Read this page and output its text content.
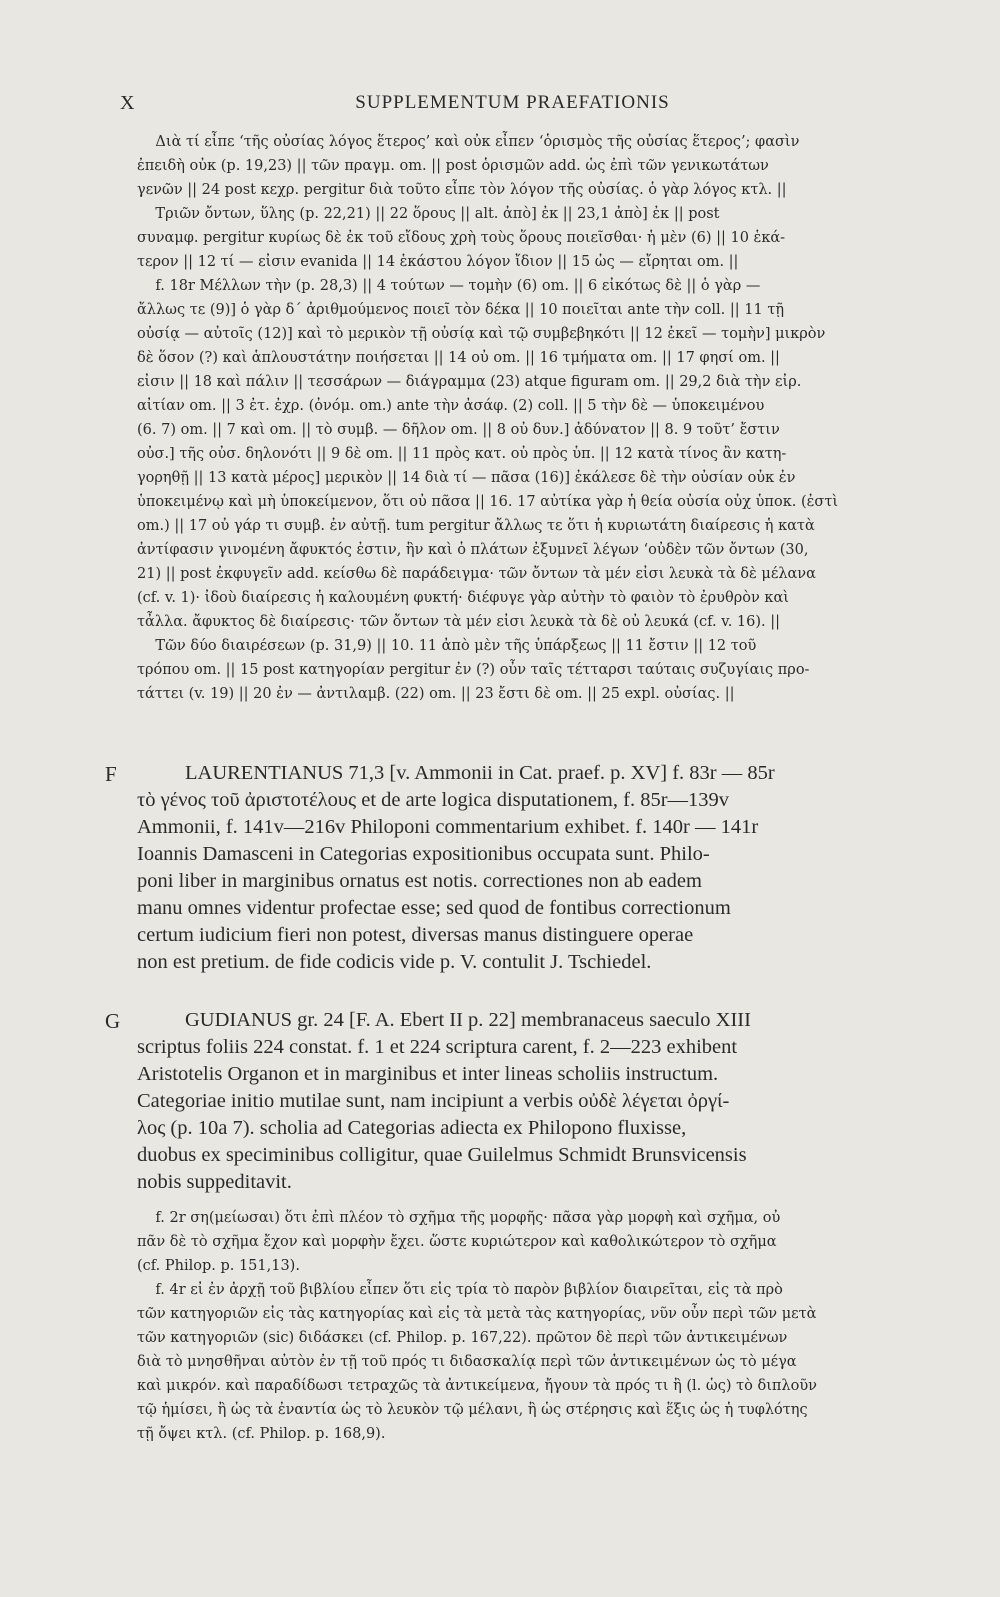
X	SUPPLEMENTUM PRAEFATIONIS
Διὰ τί εἶπε ‘τῆς οὐσίας λόγος ἕτερος’ καὶ οὐκ εἶπεν ‘ὁρισμὸς τῆς οὐσίας ἕτερος’; φασὶν
ἐπειδὴ οὐκ (p. 19,23) || τῶν πραγμ. om. || post ὁρισμῶν add. ὡς ἐπὶ τῶν γενικωτάτων
γενῶν || 24 post κεχρ. pergitur διὰ τοῦτο εἶπε τὸν λόγον τῆς οὐσίας. ὁ γὰρ λόγος κτλ. ||
Τριῶν ὄντων, ὕλης (p. 22,21) || 22 ὅρους || alt. ἀπὸ] ἐκ || 23,1 ἀπὸ] ἐκ || post
συναμφ. pergitur κυρίως δὲ ἐκ τοῦ εἴδους χρὴ τοὺς ὅρους ποιεῖσθαι· ἡ μὲν (6) || 10 ἑκά-
τερον || 12 τί — εἰσιν evanida || 14 ἑκάστου λόγον ἴδιον || 15 ὡς — εἴρηται om. ||
f. 18r Μέλλων τὴν (p. 28,3) || 4 τούτων — τομὴν (6) om. || 6 εἰκότως δὲ || ὁ γὰρ —
ἄλλως τε (9)] ὁ γὰρ δ΄ ἀριθμούμενος ποιεῖ τὸν δέκα || 10 ποιεῖται ante τὴν coll. || 11 τῇ
οὐσίᾳ — αὐτοῖς (12)] καὶ τὸ μερικὸν τῇ οὐσίᾳ καὶ τῷ συμβεβηκότι || 12 ἐκεῖ — τομὴν] μικρὸν
δὲ ὅσον (?) καὶ ἁπλουστάτην ποιήσεται || 14 οὐ om. || 16 τμήματα om. || 17 φησί om. ||
εἰσιν || 18 καὶ πάλιν || τεσσάρων — διάγραμμα (23) atque figuram om. || 29,2 διὰ τὴν εἰρ.
αἰτίαν om. || 3 ἐτ. ἐχρ. (ὀνόμ. om.) ante τὴν ἀσάφ. (2) coll. || 5 τὴν δὲ — ὑποκειμένου
(6. 7) om. || 7 καὶ om. || τὸ συμβ. — δῆλον om. || 8 οὐ δυν.] ἀδύνατον || 8. 9 τοῦτ’ ἔστιν
οὐσ.] τῆς οὐσ. δηλονότι || 9 δὲ om. || 11 πρὸς κατ. οὐ πρὸς ὑπ. || 12 κατὰ τίνος ἂν κατη-
γορηθῇ || 13 κατὰ μέρος] μερικὸν || 14 διὰ τί — πᾶσα (16)] ἐκάλεσε δὲ τὴν οὐσίαν οὐκ ἐν
ὑποκειμένῳ καὶ μὴ ὑποκείμενον, ὅτι οὐ πᾶσα || 16. 17 αὐτίκα γὰρ ἡ θεία οὐσία οὐχ ὑποκ. (ἐστὶ
om.) || 17 οὐ γάρ τι συμβ. ἐν αὐτῇ. tum pergitur ἄλλως τε ὅτι ἡ κυριωτάτη διαίρεσις ἡ κατὰ
ἀντίφασιν γινομένη ἄφυκτός ἐστιν, ἣν καὶ ὁ πλάτων ἐξυμνεῖ λέγων ‘οὐδὲν τῶν ὄντων (30,
21) || post ἐκφυγεῖν add. κείσθω δὲ παράδειγμα· τῶν ὄντων τὰ μέν εἰσι λευκὰ τὰ δὲ μέλανα
(cf. v. 1)· ἰδοὺ διαίρεσις ἡ καλουμένη φυκτή· διέφυγε γὰρ αὐτὴν τὸ φαιὸν τὸ ἐρυθρὸν καὶ
τἆλλα. ἄφυκτος δὲ διαίρεσις· τῶν ὄντων τὰ μέν εἰσι λευκὰ τὰ δὲ οὐ λευκά (cf. v. 16). ||
Τῶν δύο διαιρέσεων (p. 31,9) || 10. 11 ἀπὸ μὲν τῆς ὑπάρξεως || 11 ἔστιν || 12 τοῦ
τρόπου om. || 15 post κατηγορίαν pergitur ἐν (?) οὖν ταῖς τέτταρσι ταύταις συζυγίαις προ-
τάττει (v. 19) || 20 ἐν — ἀντιλαμβ. (22) om. || 23 ἔστι δὲ om. || 25 expl. οὐσίας. ||
F	LAURENTIANUS 71,3 [v. Ammonii in Cat. praef. p. XV] f. 83r — 85r
τὸ γένος τοῦ ἀριστοτέλους et de arte logica disputationem, f. 85r—139v
Ammonii, f. 141v—216v Philoponi commentarium exhibet. f. 140r — 141r
Ioannis Damasceni in Categorias expositionibus occupata sunt. Philo-
poni liber in marginibus ornatus est notis. correctiones non ab eadem
manu omnes videntur profectae esse; sed quod de fontibus correctionum
certum iudicium fieri non potest, diversas manus distinguere operae
non est pretium. de fide codicis vide p. V. contulit J. Tschiedel.
G	GUDIANUS gr. 24 [F. A. Ebert II p. 22] membranaceus saeculo XIII
scriptus foliis 224 constat. f. 1 et 224 scriptura carent, f. 2—223 exhibent
Aristotelis Organon et in marginibus et inter lineas scholiis instructum.
Categoriae initio mutilae sunt, nam incipiunt a verbis οὐδὲ λέγεται ὀργί-
λος (p. 10a 7). scholia ad Categorias adiecta ex Philopono fluxisse,
duobus ex speciminibus colligitur, quae Guilelmus Schmidt Brunsvicensis
nobis suppeditavit.
f. 2r ση(μείωσαι) ὅτι ἐπὶ πλέον τὸ σχῆμα τῆς μορφῆς· πᾶσα γὰρ μορφὴ καὶ σχῆμα, οὐ
πᾶν δὲ τὸ σχῆμα ἔχον καὶ μορφὴν ἔχει. ὥστε κυριώτερον καὶ καθολικώτερον τὸ σχῆμα
(cf. Philop. p. 151,13).
f. 4r εἰ ἐν ἀρχῇ τοῦ βιβλίου εἶπεν ὅτι εἰς τρία τὸ παρὸν βιβλίον διαιρεῖται, εἰς τὰ πρὸ
τῶν κατηγοριῶν εἰς τὰς κατηγορίας καὶ εἰς τὰ μετὰ τὰς κατηγορίας, νῦν οὖν περὶ τῶν μετὰ
τῶν κατηγοριῶν (sic) διδάσκει (cf. Philop. p. 167,22). πρῶτον δὲ περὶ τῶν ἀντικειμένων
διὰ τὸ μνησθῆναι αὐτὸν ἐν τῇ τοῦ πρός τι διδασκαλίᾳ περὶ τῶν ἀντικειμένων ὡς τὸ μέγα
καὶ μικρόν. καὶ παραδίδωσι τετραχῶς τὰ ἀντικείμενα, ἤγουν τὰ πρός τι ἢ (l. ὡς) τὸ διπλοῦν
τῷ ἡμίσει, ἢ ὡς τὰ ἐναντία ὡς τὸ λευκὸν τῷ μέλανι, ἢ ὡς στέρησις καὶ ἕξις ὡς ἡ τυφλότης
τῇ ὄψει κτλ. (cf. Philop. p. 168,9).
